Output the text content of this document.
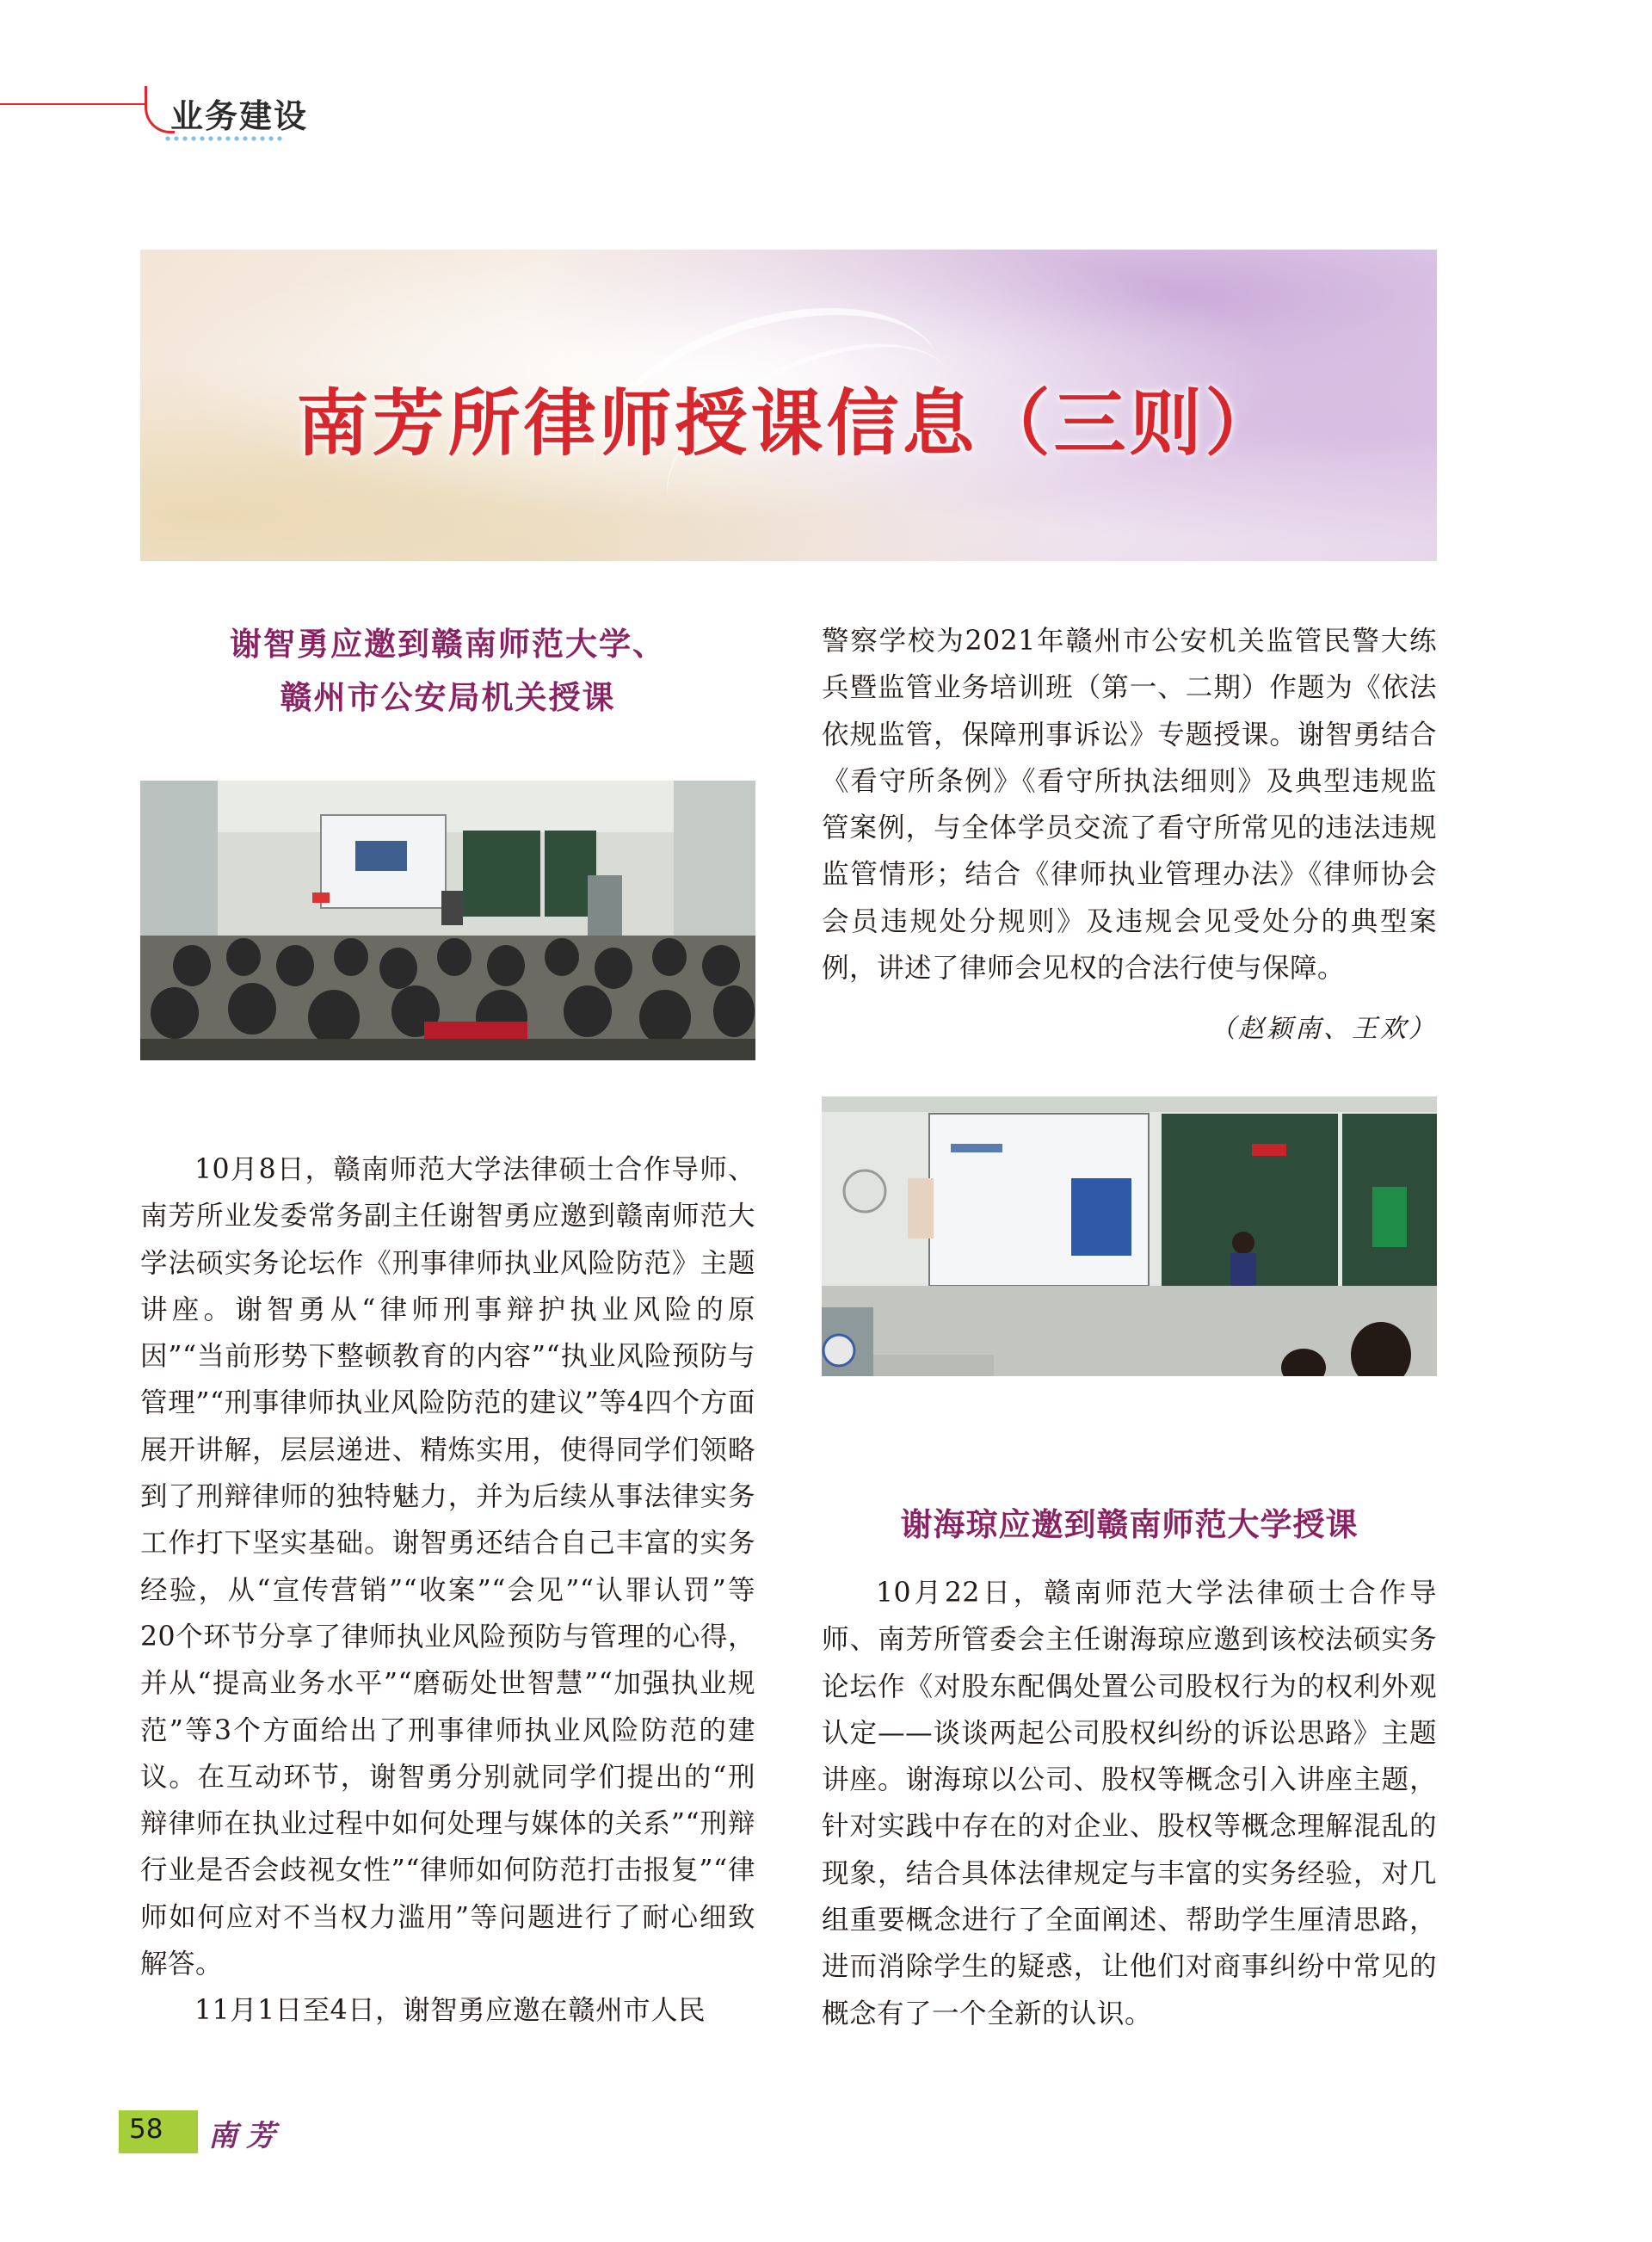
业务建设
南芳所律师授课信息（三则）
谢智勇应邀到赣南师范大学、
赣州市公安局机关授课

10月8日，赣南师范大学法律硕士合作导师、南芳所业发委常务副主任谢智勇应邀到赣南师范大学法硕实务论坛作《刑事律师执业风险防范》主题讲座。谢智勇从“律师刑事辩护执业风险的原因”“当前形势下整顿教育的内容”“执业风险预防与管理”“刑事律师执业风险防范的建议”等4四个方面展开讲解，层层递进、精炼实用，使得同学们领略到了刑辩律师的独特魅力，并为后续从事法律实务工作打下坚实基础。谢智勇还结合自己丰富的实务经验，从“宣传营销”“收案”“会见”“认罪认罚”等20个环节分享了律师执业风险预防与管理的心得，并从“提高业务水平”“磨砺处世智慧”“加强执业规范”等3个方面给出了刑事律师执业风险防范的建议。在互动环节，谢智勇分别就同学们提出的“刑辩律师在执业过程中如何处理与媒体的关系”“刑辩行业是否会歧视女性”“律师如何防范打击报复”“律师如何应对不当权力滥用”等问题进行了耐心细致解答。

11月1日至4日，谢智勇应邀在赣州市人民

警察学校为2021年赣州市公安机关监管民警大练兵暨监管业务培训班（第一、二期）作题为《依法依规监管，保障刑事诉讼》专题授课。谢智勇结合《看守所条例》《看守所执法细则》及典型违规监管案例，与全体学员交流了看守所常见的违法违规监管情形；结合《律师执业管理办法》《律师协会会员违规处分规则》及违规会见受处分的典型案例，讲述了律师会见权的合法行使与保障。

（赵颖南、王欢）
谢海琼应邀到赣南师范大学授课

10月22日，赣南师范大学法律硕士合作导师、南芳所管委会主任谢海琼应邀到该校法硕实务论坛作《对股东配偶处置公司股权行为的权利外观认定——谈谈两起公司股权纠纷的诉讼思路》主题讲座。谢海琼以公司、股权等概念引入讲座主题，针对实践中存在的对企业、股权等概念理解混乱的现象，结合具体法律规定与丰富的实务经验，对几组重要概念进行了全面阐述、帮助学生厘清思路，进而消除学生的疑惑，让他们对商事纠纷中常见的概念有了一个全新的认识。

58 南芳
